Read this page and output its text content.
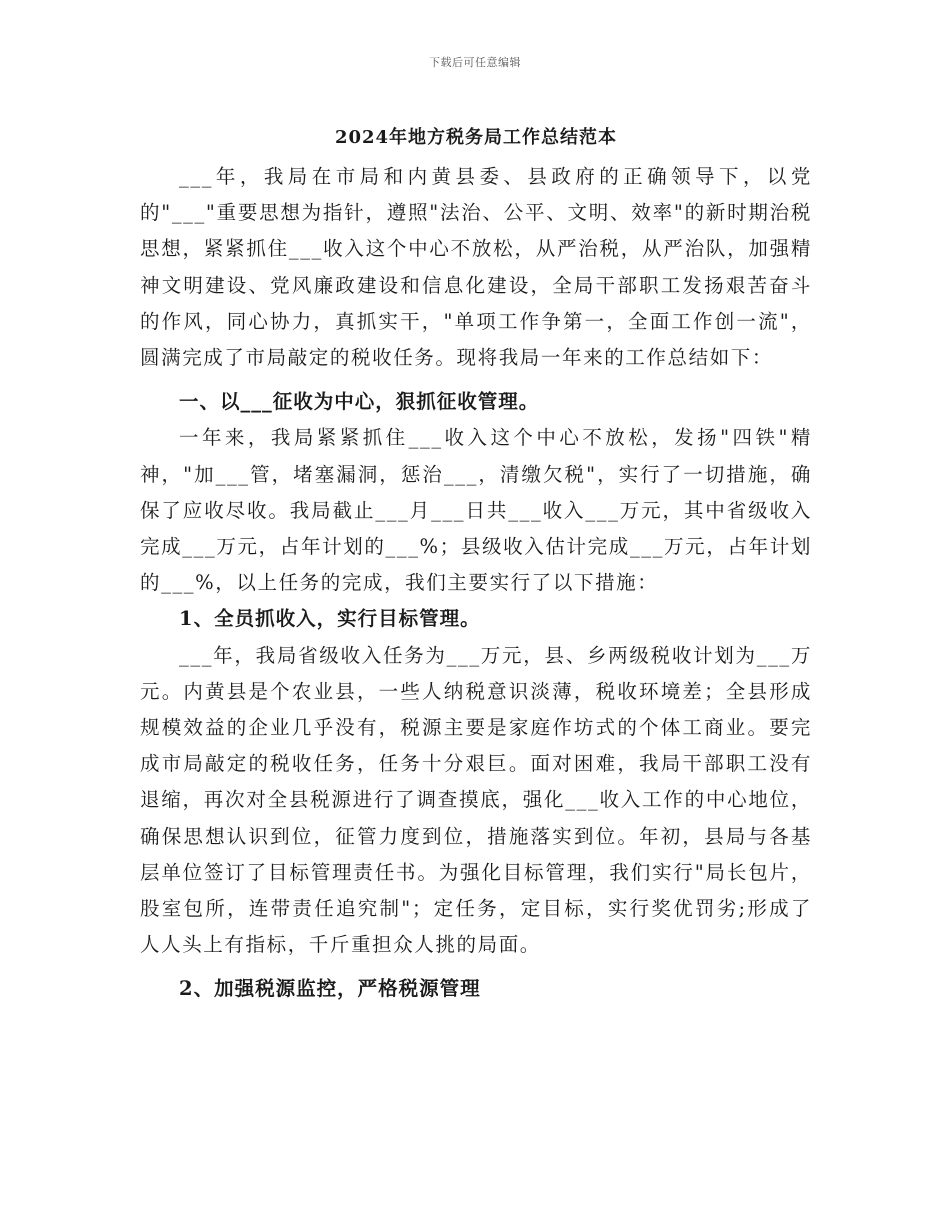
下载后可任意编辑
2024年地方税务局工作总结范本

___年，我局在市局和内黄县委、县政府的正确领导下，以党的"___"重要思想为指针，遵照"法治、公平、文明、效率"的新时期治税思想，紧紧抓住___收入这个中心不放松，从严治税，从严治队，加强精神文明建设、党风廉政建设和信息化建设，全局干部职工发扬艰苦奋斗的作风，同心协力，真抓实干，"单项工作争第一，全面工作创一流"，圆满完成了市局敲定的税收任务。现将我局一年来的工作总结如下：

一、以___征收为中心，狠抓征收管理。

一年来，我局紧紧抓住___收入这个中心不放松，发扬"四铁"精神，"加___管，堵塞漏洞，惩治___，清缴欠税"，实行了一切措施，确保了应收尽收。我局截止___月___日共___收入___万元，其中省级收入完成___万元，占年计划的___%；县级收入估计完成___万元，占年计划的___%，以上任务的完成，我们主要实行了以下措施：

1、全员抓收入，实行目标管理。

___年，我局省级收入任务为___万元，县、乡两级税收计划为___万元。内黄县是个农业县，一些人纳税意识淡薄，税收环境差；全县形成规模效益的企业几乎没有，税源主要是家庭作坊式的个体工商业。要完成市局敲定的税收任务，任务十分艰巨。面对困难，我局干部职工没有退缩，再次对全县税源进行了调查摸底，强化___收入工作的中心地位，确保思想认识到位，征管力度到位，措施落实到位。年初，县局与各基层单位签订了目标管理责任书。为强化目标管理，我们实行"局长包片，股室包所，连带责任追究制"；定任务，定目标，实行奖优罚劣;形成了人人头上有指标，千斤重担众人挑的局面。

2、加强税源监控，严格税源管理
